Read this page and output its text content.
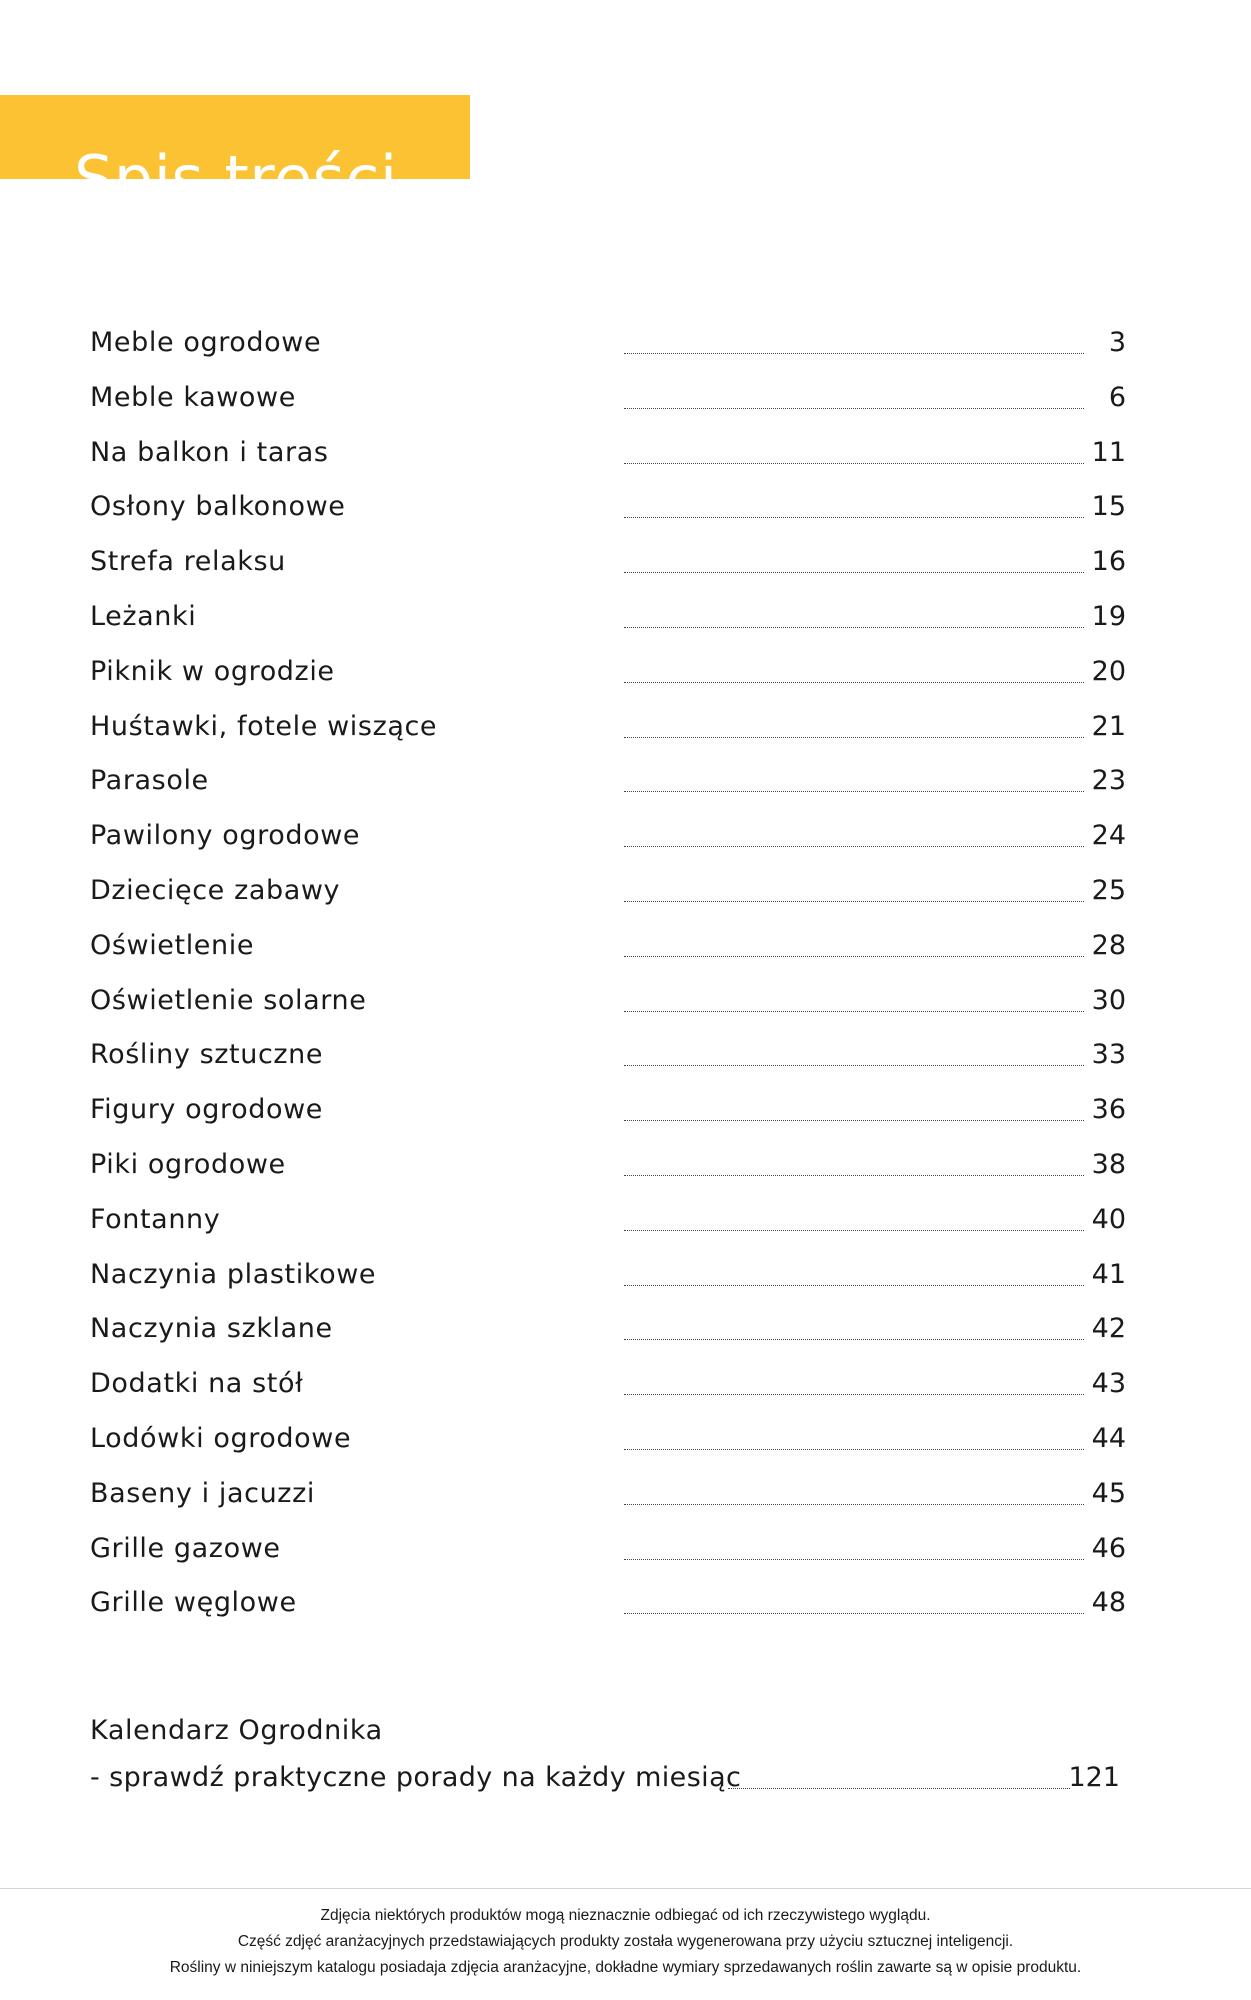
Spis treści
Meble ogrodowe	3
Meble kawowe	6
Na balkon i taras	11
Osłony balkonowe	15
Strefa relaksu	16
Leżanki	19
Piknik w ogrodzie	20
Huśtawki, fotele wiszące	21
Parasole	23
Pawilony ogrodowe	24
Dziecięce zabawy	25
Oświetlenie	28
Oświetlenie solarne	30
Rośliny sztuczne	33
Figury ogrodowe	36
Piki ogrodowe	38
Fontanny	40
Naczynia plastikowe	41
Naczynia szklane	42
Dodatki na stół	43
Lodówki ogrodowe	44
Baseny i jacuzzi	45
Grille gazowe	46
Grille węglowe	48
Kalendarz Ogrodnika
- sprawdź praktyczne porady na każdy miesiąc	121
Zdjęcia niektórych produktów mogą nieznacznie odbiegać od ich rzeczywistego wyglądu.
Część zdjęć aranżacyjnych przedstawiających produkty została wygenerowana przy użyciu sztucznej inteligencji.
Rośliny w niniejszym katalogu posiadaja zdjęcia aranżacyjne, dokładne wymiary sprzedawanych roślin zawarte są w opisie produktu.
